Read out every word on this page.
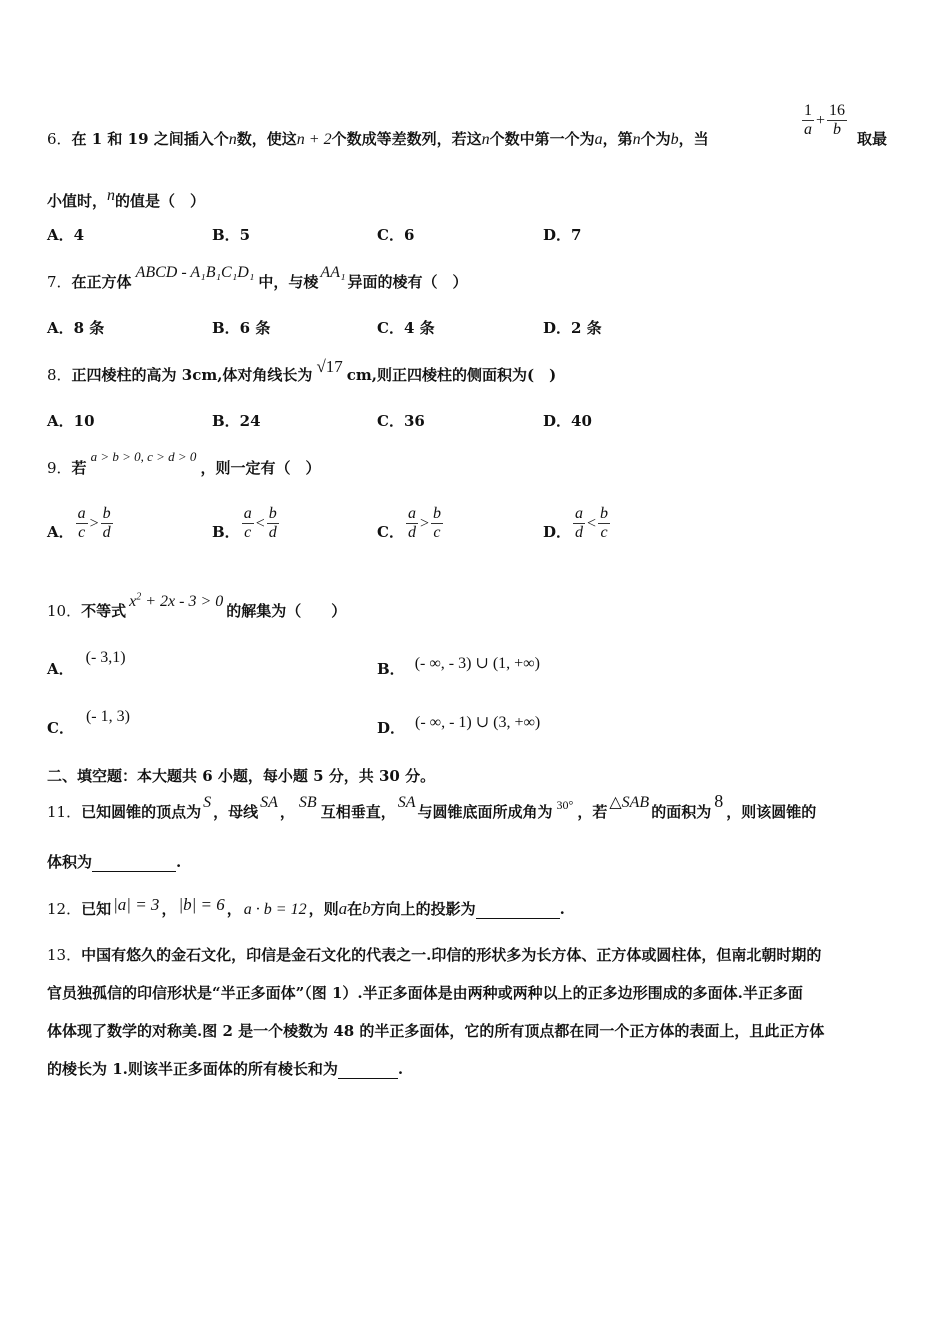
6．在 1 和 19 之间插入个n数，使这n + 2个数成等差数列，若这n个数中第一个为a，第n个为b，当	$\frac{1}{a} + \frac{16}{b}$ 取最
小值时，n的值是（　）
A．4	B．5	C．6	D．7
7．在正方体ABCD - A₁B₁C₁D₁中，与棱AA₁异面的棱有（　）
A．8 条	B．6 条	C．4 条	D．2 条
8．正四棱柱的高为 3cm,体对角线长为 √17 cm,则正四棱柱的侧面积为(　)
A．10	B．24	C．36	D．40
9．若a > b > 0, c > d > 0，则一定有（　）
A． $\frac{a}{c} > \frac{b}{d}$	B． $\frac{a}{c} < \frac{b}{d}$	C． $\frac{a}{d} > \frac{b}{c}$	D． $\frac{a}{d} < \frac{b}{c}$
10．不等式$x^2 + 2x - 3 > 0$的解集为（　　）
A．(- 3,1)
B． (- ∞, - 3) ∪ (1, +∞)
C．(- 1, 3)
D． (- ∞, - 1) ∪ (3, +∞)
二、填空题：本大题共 6 小题，每小题 5 分，共 30 分。
11．已知圆锥的顶点为S，母线SA，SB互相垂直，SA与圆锥底面所成角为 $^{30^\circ}$ ，若△SAB的面积为8，则该圆锥的
体积为	.
12．已知 |a| = 3 ， |b| = 6 ， a · b = 12 ，则a在b方向上的投影为	.
13．中国有悠久的金石文化，印信是金石文化的代表之一.印信的形状多为长方体、正方体或圆柱体，但南北朝时期的
官员独孤信的印信形状是“半正多面体”（图 1）.半正多面体是由两种或两种以上的正多边形围成的多面体.半正多面
体体现了数学的对称美.图 2 是一个棱数为 48 的半正多面体，它的所有顶点都在同一个正方体的表面上，且此正方体
的棱长为 1.则该半正多面体的所有棱长和为	.
